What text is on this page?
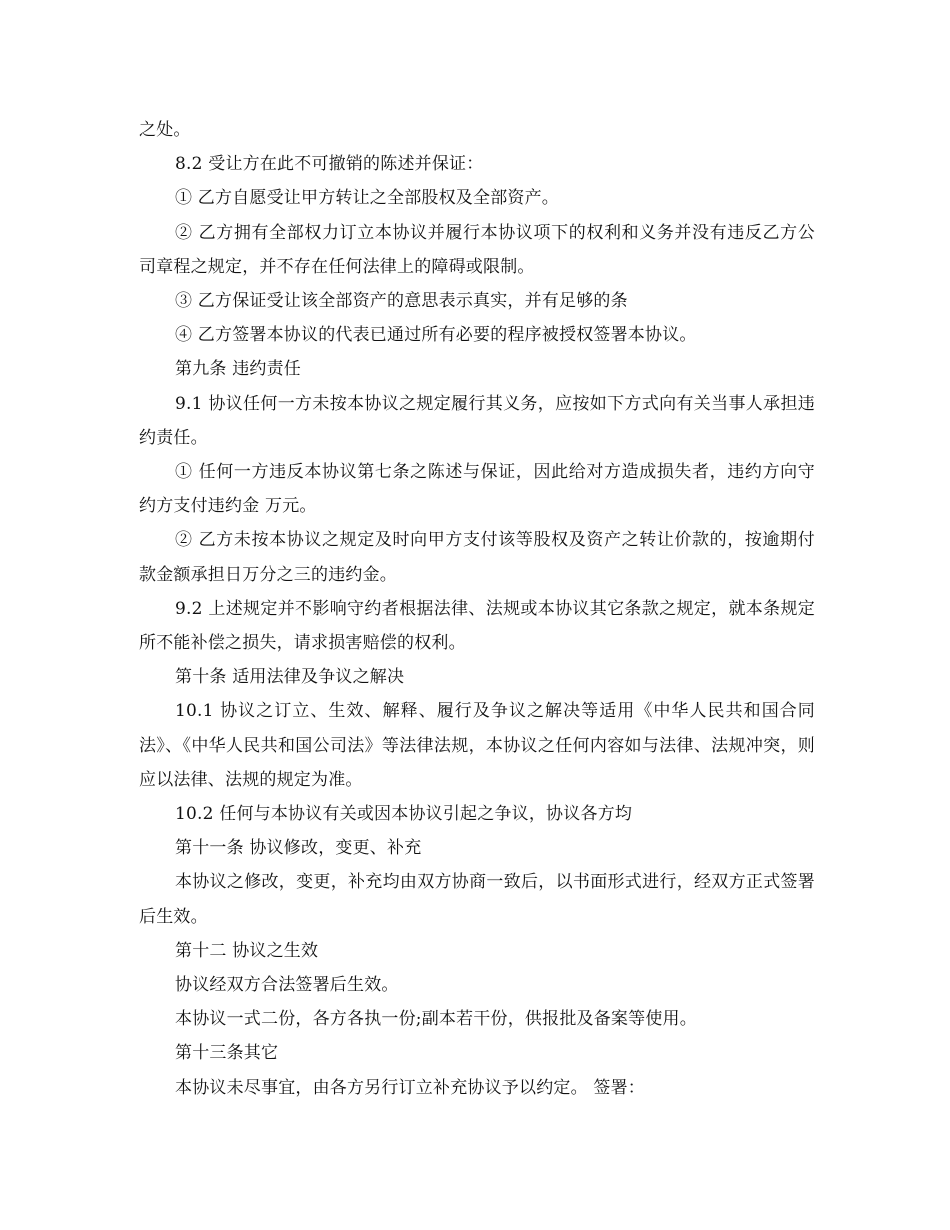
之处。

8.2 受让方在此不可撤销的陈述并保证：

① 乙方自愿受让甲方转让之全部股权及全部资产。

② 乙方拥有全部权力订立本协议并履行本协议项下的权利和义务并没有违反乙方公司章程之规定，并不存在任何法律上的障碍或限制。

③ 乙方保证受让该全部资产的意思表示真实，并有足够的条

④ 乙方签署本协议的代表已通过所有必要的程序被授权签署本协议。

第九条 违约责任

9.1 协议任何一方未按本协议之规定履行其义务，应按如下方式向有关当事人承担违约责任。

① 任何一方违反本协议第七条之陈述与保证，因此给对方造成损失者，违约方向守约方支付违约金 万元。

② 乙方未按本协议之规定及时向甲方支付该等股权及资产之转让价款的，按逾期付款金额承担日万分之三的违约金。

9.2 上述规定并不影响守约者根据法律、法规或本协议其它条款之规定，就本条规定所不能补偿之损失，请求损害赔偿的权利。

第十条 适用法律及争议之解决

10.1 协议之订立、生效、解释、履行及争议之解决等适用《中华人民共和国合同法》、《中华人民共和国公司法》等法律法规，本协议之任何内容如与法律、法规冲突，则应以法律、法规的规定为准。

10.2 任何与本协议有关或因本协议引起之争议，协议各方均

第十一条 协议修改，变更、补充

本协议之修改，变更，补充均由双方协商一致后，以书面形式进行，经双方正式签署后生效。

第十二 协议之生效

协议经双方合法签署后生效。

本协议一式二份，各方各执一份;副本若干份，供报批及备案等使用。

第十三条其它

本协议未尽事宜，由各方另行订立补充协议予以约定。 签署：
